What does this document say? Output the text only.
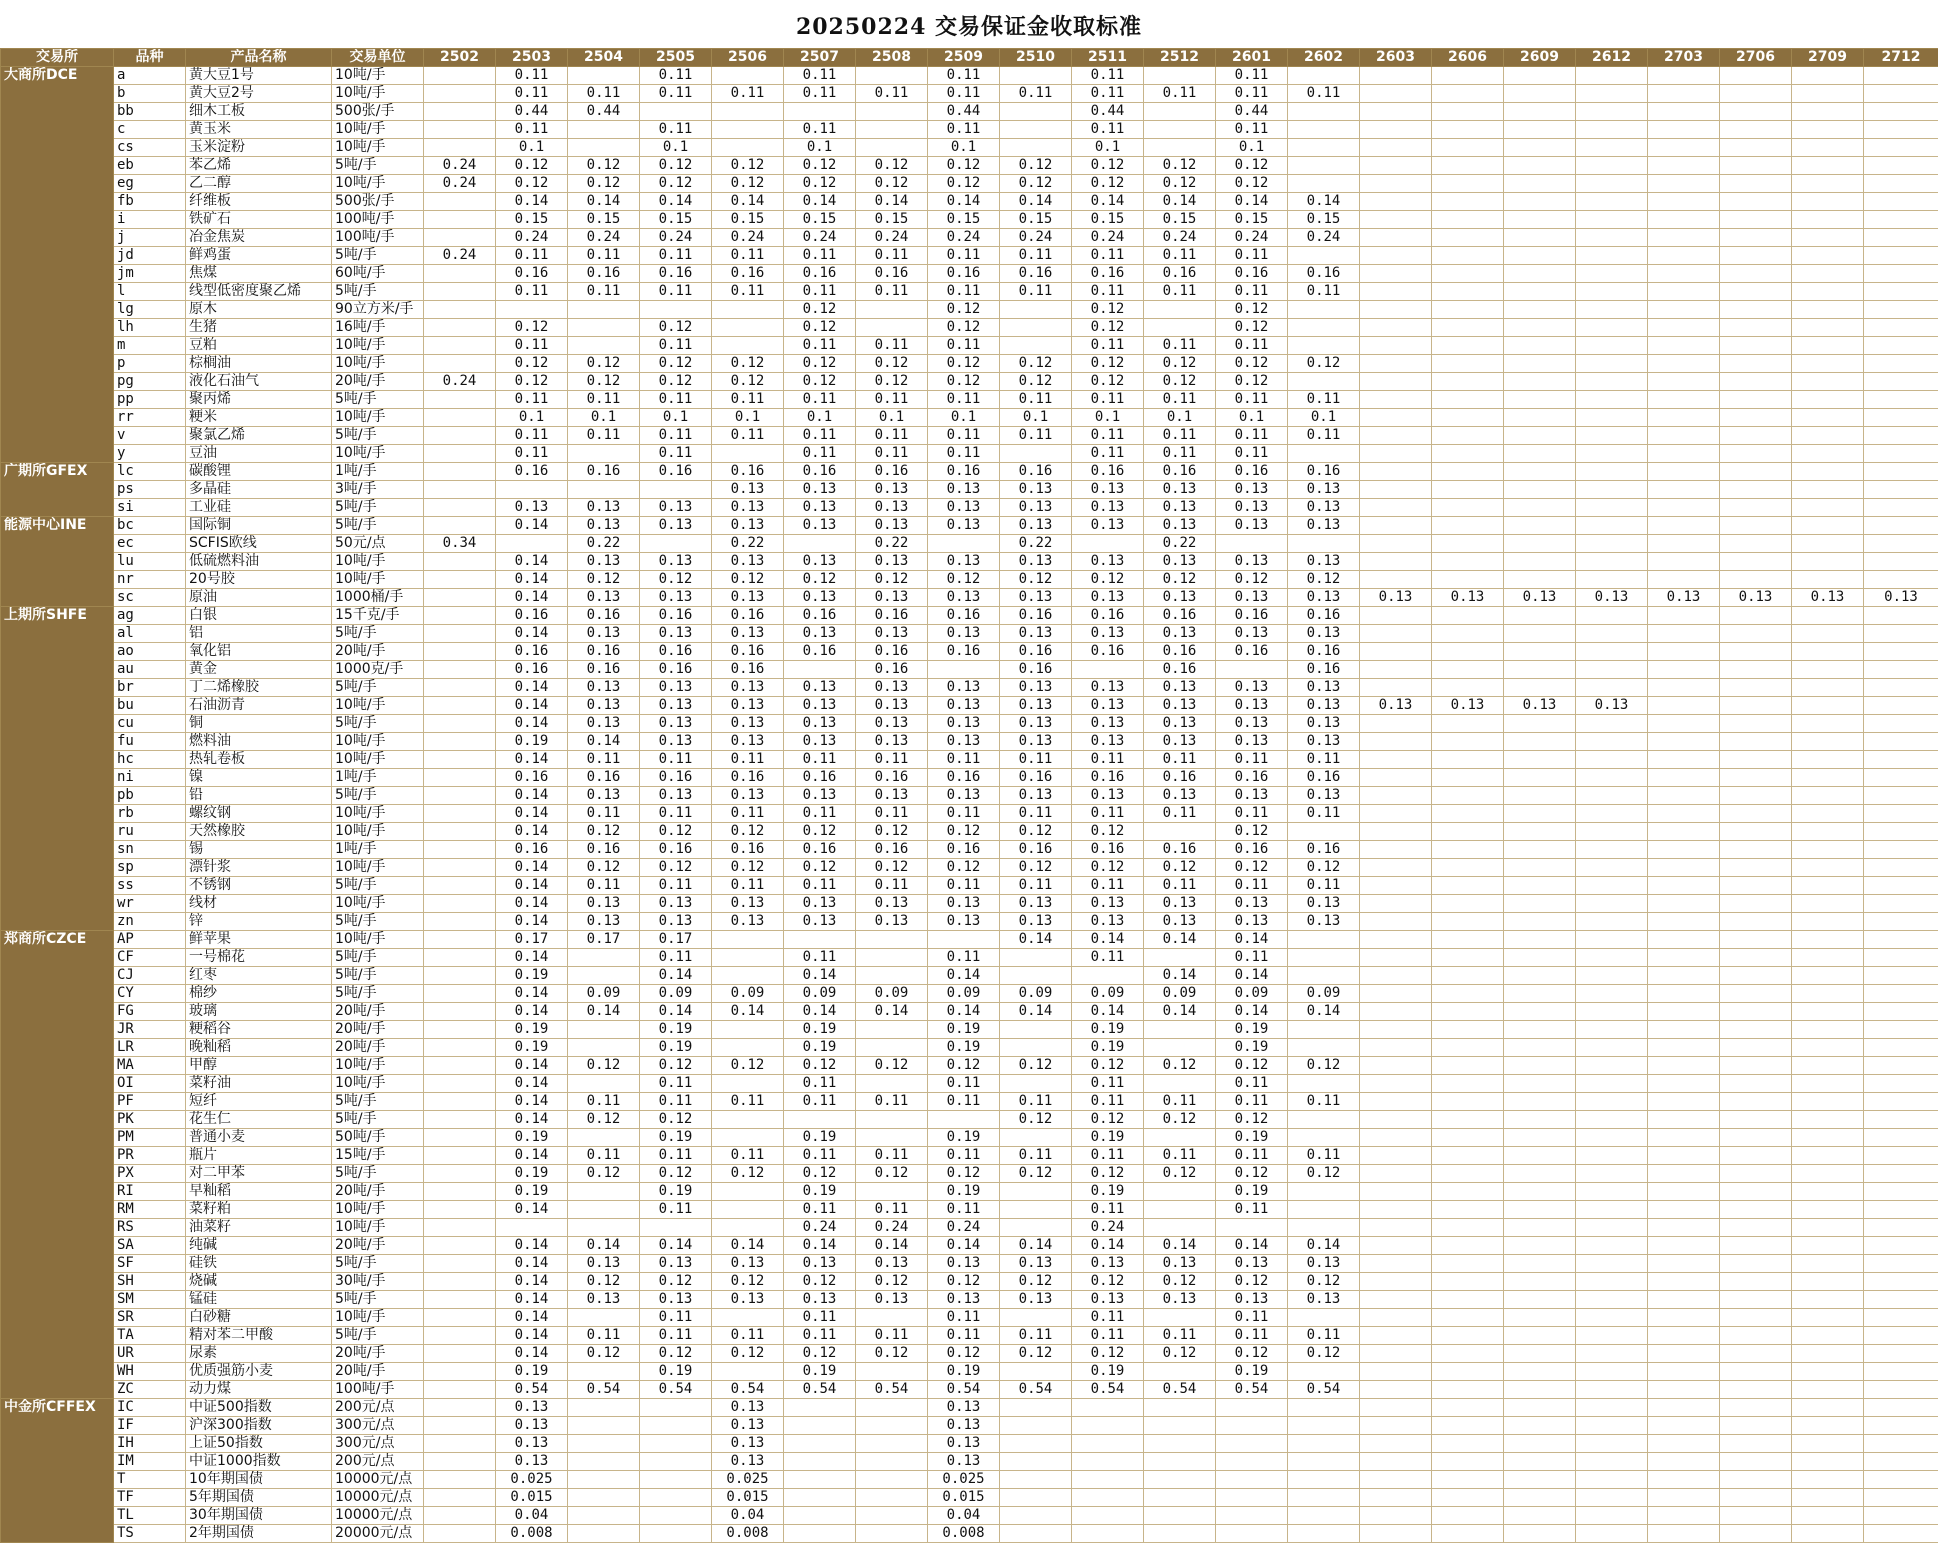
20250224 交易保证金收取标准
交易所	品种	产品名称	交易单位	2502	2503	2504	2505	2506	2507	2508	2509	2510	2511	2512	2601	2602	2603	2606	2609	2612	2703	2706	2709	2712
大商所DCE	a	黄大豆1号	10吨/手		0.11		0.11		0.11		0.11		0.11		0.11									
	b	黄大豆2号	10吨/手		0.11	0.11	0.11	0.11	0.11	0.11	0.11	0.11	0.11	0.11	0.11	0.11								
	bb	细木工板	500张/手		0.44	0.44					0.44		0.44		0.44									
	c	黄玉米	10吨/手		0.11		0.11		0.11		0.11		0.11		0.11									
	cs	玉米淀粉	10吨/手		0.1		0.1		0.1		0.1		0.1		0.1									
	eb	苯乙烯	5吨/手	0.24	0.12	0.12	0.12	0.12	0.12	0.12	0.12	0.12	0.12	0.12	0.12									
	eg	乙二醇	10吨/手	0.24	0.12	0.12	0.12	0.12	0.12	0.12	0.12	0.12	0.12	0.12	0.12									
	fb	纤维板	500张/手		0.14	0.14	0.14	0.14	0.14	0.14	0.14	0.14	0.14	0.14	0.14	0.14								
	i	铁矿石	100吨/手		0.15	0.15	0.15	0.15	0.15	0.15	0.15	0.15	0.15	0.15	0.15	0.15								
	j	冶金焦炭	100吨/手		0.24	0.24	0.24	0.24	0.24	0.24	0.24	0.24	0.24	0.24	0.24	0.24								
	jd	鲜鸡蛋	5吨/手	0.24	0.11	0.11	0.11	0.11	0.11	0.11	0.11	0.11	0.11	0.11	0.11									
	jm	焦煤	60吨/手		0.16	0.16	0.16	0.16	0.16	0.16	0.16	0.16	0.16	0.16	0.16	0.16								
	l	线型低密度聚乙烯	5吨/手		0.11	0.11	0.11	0.11	0.11	0.11	0.11	0.11	0.11	0.11	0.11	0.11								
	lg	原木	90立方米/手						0.12		0.12		0.12		0.12									
	lh	生猪	16吨/手		0.12		0.12		0.12		0.12		0.12		0.12									
	m	豆粕	10吨/手		0.11		0.11		0.11	0.11	0.11		0.11	0.11	0.11									
	p	棕榈油	10吨/手		0.12	0.12	0.12	0.12	0.12	0.12	0.12	0.12	0.12	0.12	0.12	0.12								
	pg	液化石油气	20吨/手	0.24	0.12	0.12	0.12	0.12	0.12	0.12	0.12	0.12	0.12	0.12	0.12									
	pp	聚丙烯	5吨/手		0.11	0.11	0.11	0.11	0.11	0.11	0.11	0.11	0.11	0.11	0.11	0.11								
	rr	粳米	10吨/手		0.1	0.1	0.1	0.1	0.1	0.1	0.1	0.1	0.1	0.1	0.1	0.1								
	v	聚氯乙烯	5吨/手		0.11	0.11	0.11	0.11	0.11	0.11	0.11	0.11	0.11	0.11	0.11	0.11								
	y	豆油	10吨/手		0.11		0.11		0.11	0.11	0.11		0.11	0.11	0.11									
广期所GFEX	lc	碳酸锂	1吨/手		0.16	0.16	0.16	0.16	0.16	0.16	0.16	0.16	0.16	0.16	0.16	0.16								
	ps	多晶硅	3吨/手					0.13	0.13	0.13	0.13	0.13	0.13	0.13	0.13	0.13								
	si	工业硅	5吨/手		0.13	0.13	0.13	0.13	0.13	0.13	0.13	0.13	0.13	0.13	0.13	0.13								
能源中心INE	bc	国际铜	5吨/手		0.14	0.13	0.13	0.13	0.13	0.13	0.13	0.13	0.13	0.13	0.13	0.13								
	ec	SCFIS欧线	50元/点	0.34		0.22		0.22		0.22		0.22		0.22										
	lu	低硫燃料油	10吨/手		0.14	0.13	0.13	0.13	0.13	0.13	0.13	0.13	0.13	0.13	0.13	0.13								
	nr	20号胶	10吨/手		0.14	0.12	0.12	0.12	0.12	0.12	0.12	0.12	0.12	0.12	0.12	0.12								
	sc	原油	1000桶/手		0.14	0.13	0.13	0.13	0.13	0.13	0.13	0.13	0.13	0.13	0.13	0.13	0.13	0.13	0.13	0.13	0.13	0.13	0.13	0.13
上期所SHFE	ag	白银	15千克/手		0.16	0.16	0.16	0.16	0.16	0.16	0.16	0.16	0.16	0.16	0.16	0.16								
	al	铝	5吨/手		0.14	0.13	0.13	0.13	0.13	0.13	0.13	0.13	0.13	0.13	0.13	0.13								
	ao	氧化铝	20吨/手		0.16	0.16	0.16	0.16	0.16	0.16	0.16	0.16	0.16	0.16	0.16	0.16								
	au	黄金	1000克/手		0.16	0.16	0.16	0.16		0.16		0.16		0.16		0.16								
	br	丁二烯橡胶	5吨/手		0.14	0.13	0.13	0.13	0.13	0.13	0.13	0.13	0.13	0.13	0.13	0.13								
	bu	石油沥青	10吨/手		0.14	0.13	0.13	0.13	0.13	0.13	0.13	0.13	0.13	0.13	0.13	0.13	0.13	0.13	0.13	0.13				
	cu	铜	5吨/手		0.14	0.13	0.13	0.13	0.13	0.13	0.13	0.13	0.13	0.13	0.13	0.13								
	fu	燃料油	10吨/手		0.19	0.14	0.13	0.13	0.13	0.13	0.13	0.13	0.13	0.13	0.13	0.13								
	hc	热轧卷板	10吨/手		0.14	0.11	0.11	0.11	0.11	0.11	0.11	0.11	0.11	0.11	0.11	0.11								
	ni	镍	1吨/手		0.16	0.16	0.16	0.16	0.16	0.16	0.16	0.16	0.16	0.16	0.16	0.16								
	pb	铅	5吨/手		0.14	0.13	0.13	0.13	0.13	0.13	0.13	0.13	0.13	0.13	0.13	0.13								
	rb	螺纹钢	10吨/手		0.14	0.11	0.11	0.11	0.11	0.11	0.11	0.11	0.11	0.11	0.11	0.11								
	ru	天然橡胶	10吨/手		0.14	0.12	0.12	0.12	0.12	0.12	0.12	0.12	0.12		0.12									
	sn	锡	1吨/手		0.16	0.16	0.16	0.16	0.16	0.16	0.16	0.16	0.16	0.16	0.16	0.16								
	sp	漂针浆	10吨/手		0.14	0.12	0.12	0.12	0.12	0.12	0.12	0.12	0.12	0.12	0.12	0.12								
	ss	不锈钢	5吨/手		0.14	0.11	0.11	0.11	0.11	0.11	0.11	0.11	0.11	0.11	0.11	0.11								
	wr	线材	10吨/手		0.14	0.13	0.13	0.13	0.13	0.13	0.13	0.13	0.13	0.13	0.13	0.13								
	zn	锌	5吨/手		0.14	0.13	0.13	0.13	0.13	0.13	0.13	0.13	0.13	0.13	0.13	0.13								
郑商所CZCE	AP	鲜苹果	10吨/手		0.17	0.17	0.17					0.14	0.14	0.14	0.14									
	CF	一号棉花	5吨/手		0.14		0.11		0.11		0.11		0.11		0.11									
	CJ	红枣	5吨/手		0.19		0.14		0.14		0.14			0.14	0.14									
	CY	棉纱	5吨/手		0.14	0.09	0.09	0.09	0.09	0.09	0.09	0.09	0.09	0.09	0.09	0.09								
	FG	玻璃	20吨/手		0.14	0.14	0.14	0.14	0.14	0.14	0.14	0.14	0.14	0.14	0.14	0.14								
	JR	粳稻谷	20吨/手		0.19		0.19		0.19		0.19		0.19		0.19									
	LR	晚籼稻	20吨/手		0.19		0.19		0.19		0.19		0.19		0.19									
	MA	甲醇	10吨/手		0.14	0.12	0.12	0.12	0.12	0.12	0.12	0.12	0.12	0.12	0.12	0.12								
	OI	菜籽油	10吨/手		0.14		0.11		0.11		0.11		0.11		0.11									
	PF	短纤	5吨/手		0.14	0.11	0.11	0.11	0.11	0.11	0.11	0.11	0.11	0.11	0.11	0.11								
	PK	花生仁	5吨/手		0.14	0.12	0.12					0.12	0.12	0.12	0.12									
	PM	普通小麦	50吨/手		0.19		0.19		0.19		0.19		0.19		0.19									
	PR	瓶片	15吨/手		0.14	0.11	0.11	0.11	0.11	0.11	0.11	0.11	0.11	0.11	0.11	0.11								
	PX	对二甲苯	5吨/手		0.19	0.12	0.12	0.12	0.12	0.12	0.12	0.12	0.12	0.12	0.12	0.12								
	RI	早籼稻	20吨/手		0.19		0.19		0.19		0.19		0.19		0.19									
	RM	菜籽粕	10吨/手		0.14		0.11		0.11	0.11	0.11		0.11		0.11									
	RS	油菜籽	10吨/手						0.24	0.24	0.24		0.24											
	SA	纯碱	20吨/手		0.14	0.14	0.14	0.14	0.14	0.14	0.14	0.14	0.14	0.14	0.14	0.14								
	SF	硅铁	5吨/手		0.14	0.13	0.13	0.13	0.13	0.13	0.13	0.13	0.13	0.13	0.13	0.13								
	SH	烧碱	30吨/手		0.14	0.12	0.12	0.12	0.12	0.12	0.12	0.12	0.12	0.12	0.12	0.12								
	SM	锰硅	5吨/手		0.14	0.13	0.13	0.13	0.13	0.13	0.13	0.13	0.13	0.13	0.13	0.13								
	SR	白砂糖	10吨/手		0.14		0.11		0.11		0.11		0.11		0.11									
	TA	精对苯二甲酸	5吨/手		0.14	0.11	0.11	0.11	0.11	0.11	0.11	0.11	0.11	0.11	0.11	0.11								
	UR	尿素	20吨/手		0.14	0.12	0.12	0.12	0.12	0.12	0.12	0.12	0.12	0.12	0.12	0.12								
	WH	优质强筋小麦	20吨/手		0.19		0.19		0.19		0.19		0.19		0.19									
	ZC	动力煤	100吨/手		0.54	0.54	0.54	0.54	0.54	0.54	0.54	0.54	0.54	0.54	0.54	0.54								
中金所CFFEX	IC	中证500指数	200元/点		0.13			0.13			0.13													
	IF	沪深300指数	300元/点		0.13			0.13			0.13													
	IH	上证50指数	300元/点		0.13			0.13			0.13													
	IM	中证1000指数	200元/点		0.13			0.13			0.13													
	T	10年期国债	10000元/点		0.025			0.025			0.025													
	TF	5年期国债	10000元/点		0.015			0.015			0.015													
	TL	30年期国债	10000元/点		0.04			0.04			0.04													
	TS	2年期国债	20000元/点		0.008			0.008			0.008													
